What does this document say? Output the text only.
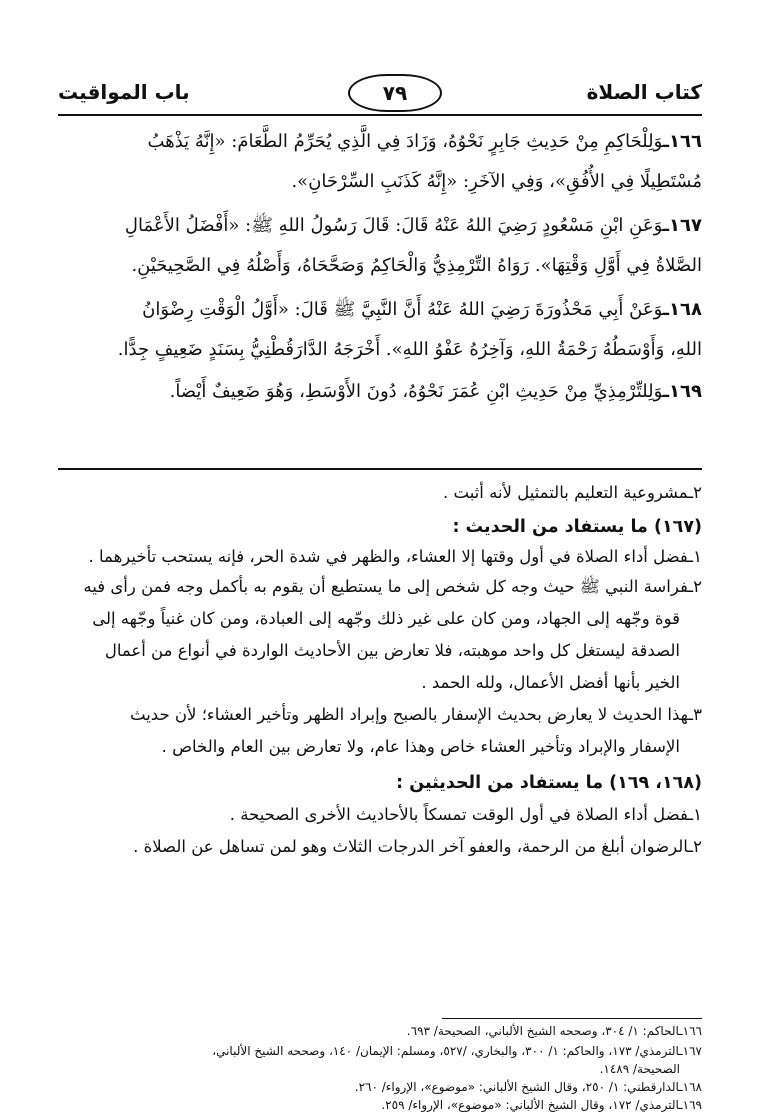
كتاب الصلاة
٧٩
باب المواقيت
١٦٦ـوَلِلْحَاكِمِ مِنْ حَدِيثِ جَابِرٍ نَحْوُهُ، وَزَادَ فِي الَّذِي يُحَرِّمُ الطَّعَامَ: «إِنَّهُ يَذْهَبُ
مُسْتَطِيلًا فِي الأُفُقِ»، وَفِي الآخَرِ: «إِنَّهُ كَذَنَبِ السِّرْحَانِ».
١٦٧ـوَعَنِ ابْنِ مَسْعُودٍ رَضِيَ اللهُ عَنْهُ قَالَ: قَالَ رَسُولُ اللهِ ﷺ: «أَفْضَلُ الأَعْمَالِ
الصَّلاةُ فِي أَوَّلِ وَقْتِهَا». رَوَاهُ التِّرْمِذِيُّ وَالْحَاكِمُ وَصَحَّحَاهُ، وَأَصْلُهُ فِي الصَّحِيحَيْنِ.
١٦٨ـوَعَنْ أَبِي مَحْذُورَةَ رَضِيَ اللهُ عَنْهُ أَنَّ النَّبِيَّ ﷺ قَالَ: «أَوَّلُ الْوَقْتِ رِضْوَانُ
اللهِ، وَأَوْسَطُهُ رَحْمَةُ اللهِ، وَآخِرُهُ عَفْوُ اللهِ». أَخْرَجَهُ الدَّارَقُطْنِيُّ بِسَنَدٍ ضَعِيفٍ جِدًّا.
١٦٩ـوَلِلتِّرْمِذِيِّ مِنْ حَدِيثِ ابْنِ عُمَرَ نَحْوُهُ، دُونَ الأَوْسَطِ، وَهُوَ ضَعِيفٌ أَيْضاً.
٢ـمشروعية التعليم بالتمثيل لأنه أثبت .
(١٦٧) ما يستفاد من الحديث :
١ـفضل أداء الصلاة في أول وقتها إلا العشاء، والظهر في شدة الحر، فإنه يستحب تأخيرهما .
٢ـفراسة النبي ﷺ حيث وجه كل شخص إلى ما يستطيع أن يقوم به بأكمل وجه فمن رأى فيه
قوة وجّهه إلى الجهاد، ومن كان على غير ذلك وجّهه إلى العبادة، ومن كان غنياً وجّهه إلى
الصدقة ليستغل كل واحد موهبته، فلا تعارض بين الأحاديث الواردة في أنواع من أعمال
الخير بأنها أفضل الأعمال، ولله الحمد .
٣ـهذا الحديث لا يعارض بحديث الإسفار بالصبح وإبراد الظهر وتأخير العشاء؛ لأن حديث
الإسفار والإبراد وتأخير العشاء خاص وهذا عام، ولا تعارض بين العام والخاص .
(١٦٨، ١٦٩) ما يستفاد من الحديثين :
١ـفضل أداء الصلاة في أول الوقت تمسكاً بالأحاديث الأخرى الصحيحة .
٢ـالرضوان أبلغ من الرحمة، والعفو آخر الدرجات الثلاث وهو لمن تساهل عن الصلاة .
١٦٦ـالحاكم: ١/ ٣٠٤، وصححه الشيخ الألباني، الصحيحة/ ٦٩٣.
١٦٧ـالترمذي/ ١٧٣، والحاكم: ١/ ٣٠٠، والبخاري، /٥٢٧، ومسلم: الإيمان/ ١٤٠، وصححه الشيخ الألباني،
الصحيحة/ ١٤٨٩.
١٦٨ـالدارقطني: ١/ ٢٥٠، وقال الشيخ الألباني: «موضوع»، الإرواء/ ٢٦٠.
١٦٩ـالترمذي/ ١٧٢، وقال الشيخ الألباني: «موضوع»، الإرواء/ ٢٥٩.
